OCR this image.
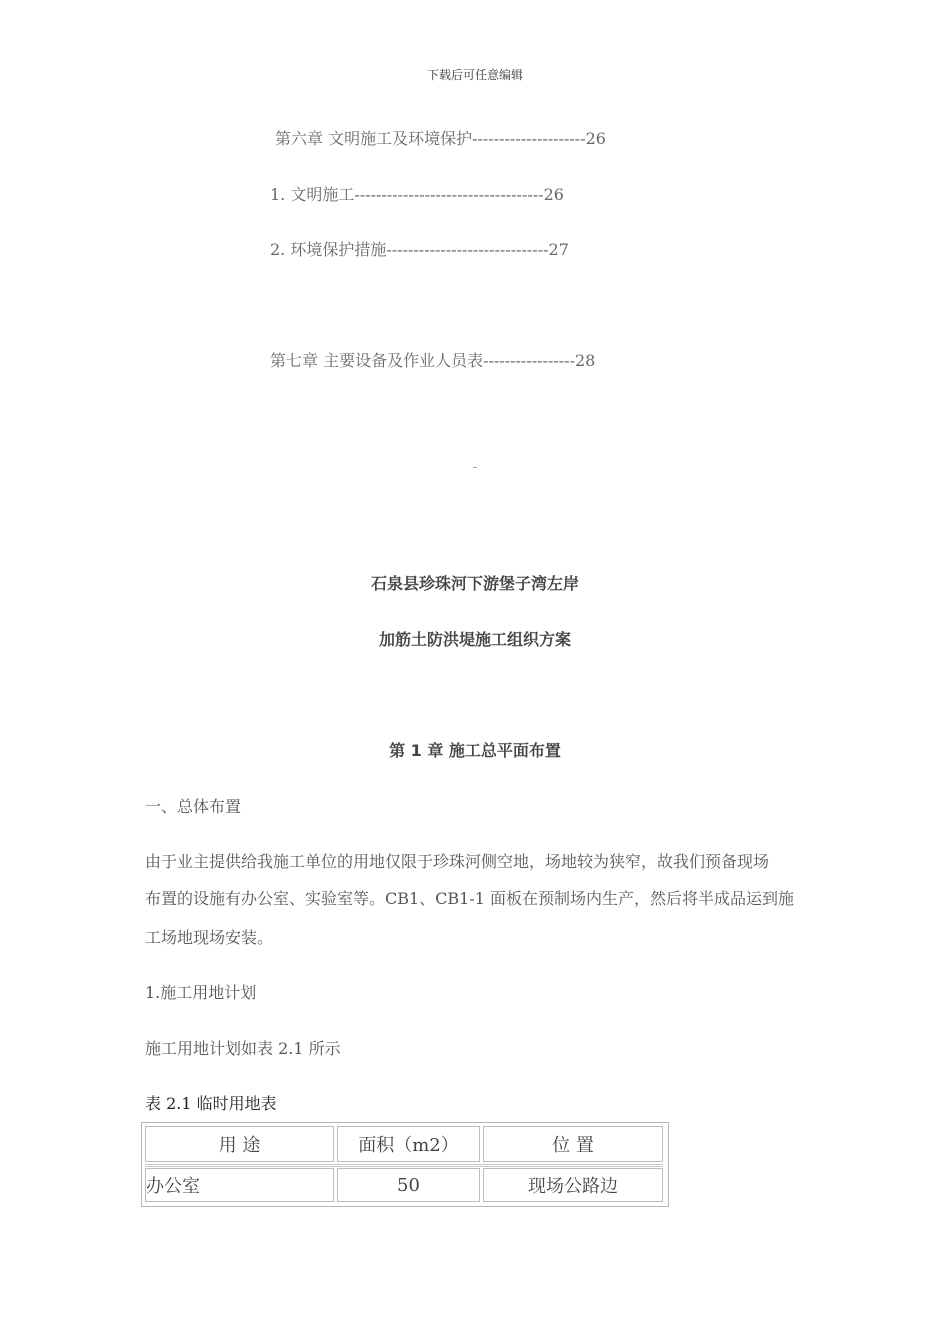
下载后可任意编辑
第六章 文明施工及环境保护---------------------26
1. 文明施工-----------------------------------26
2. 环境保护措施------------------------------27
第七章 主要设备及作业人员表-----------------28
-
石泉县珍珠河下游堡子湾左岸
加筋土防洪堤施工组织方案
第 1 章 施工总平面布置
一、总体布置
由于业主提供给我施工单位的用地仅限于珍珠河侧空地，场地较为狭窄，故我们预备现场
布置的设施有办公室、实验室等。CB1、CB1-1 面板在预制场内生产，然后将半成品运到施
工场地现场安装。
1.施工用地计划
施工用地计划如表 2.1 所示
表 2.1 临时用地表
用 途	面积（m2）	位 置
办公室	50	现场公路边
